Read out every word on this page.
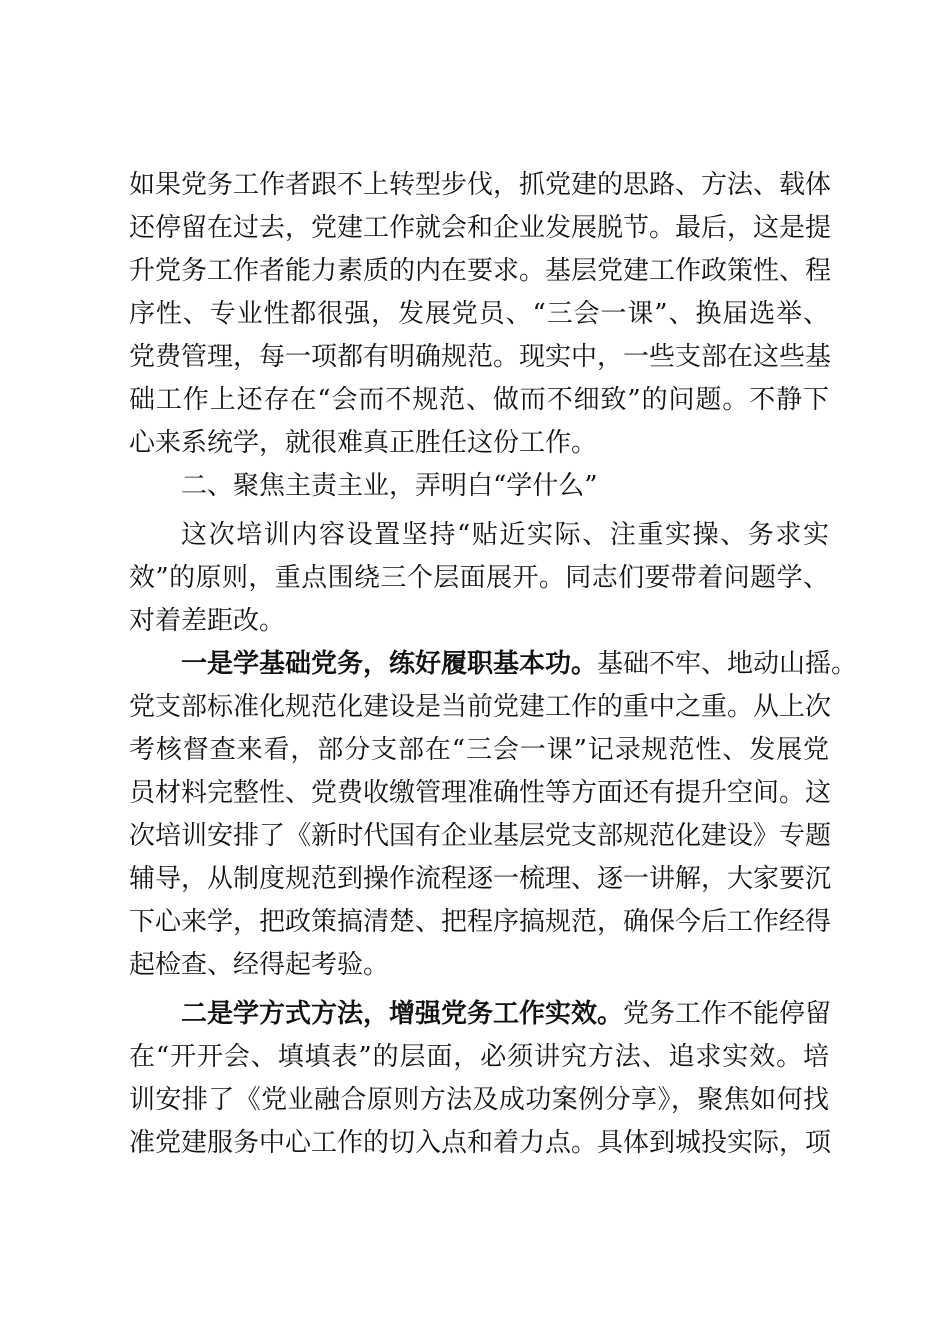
如果党务工作者跟不上转型步伐，抓党建的思路、方法、载体
还停留在过去，党建工作就会和企业发展脱节。最后，这是提
升党务工作者能力素质的内在要求。基层党建工作政策性、程
序性、专业性都很强，发展党员、“三会一课”、换届选举、
党费管理，每一项都有明确规范。现实中，一些支部在这些基
础工作上还存在“会而不规范、做而不细致”的问题。不静下
心来系统学，就很难真正胜任这份工作。
二、聚焦主责主业，弄明白“学什么”
这次培训内容设置坚持“贴近实际、注重实操、务求实
效”的原则，重点围绕三个层面展开。同志们要带着问题学、
对着差距改。
一是学基础党务，练好履职基本功。基础不牢、地动山摇。
党支部标准化规范化建设是当前党建工作的重中之重。从上次
考核督查来看，部分支部在“三会一课”记录规范性、发展党
员材料完整性、党费收缴管理准确性等方面还有提升空间。这
次培训安排了《新时代国有企业基层党支部规范化建设》专题
辅导，从制度规范到操作流程逐一梳理、逐一讲解，大家要沉
下心来学，把政策搞清楚、把程序搞规范，确保今后工作经得
起检查、经得起考验。
二是学方式方法，增强党务工作实效。党务工作不能停留
在“开开会、填填表”的层面，必须讲究方法、追求实效。培
训安排了《党业融合原则方法及成功案例分享》，聚焦如何找
准党建服务中心工作的切入点和着力点。具体到城投实际，项
